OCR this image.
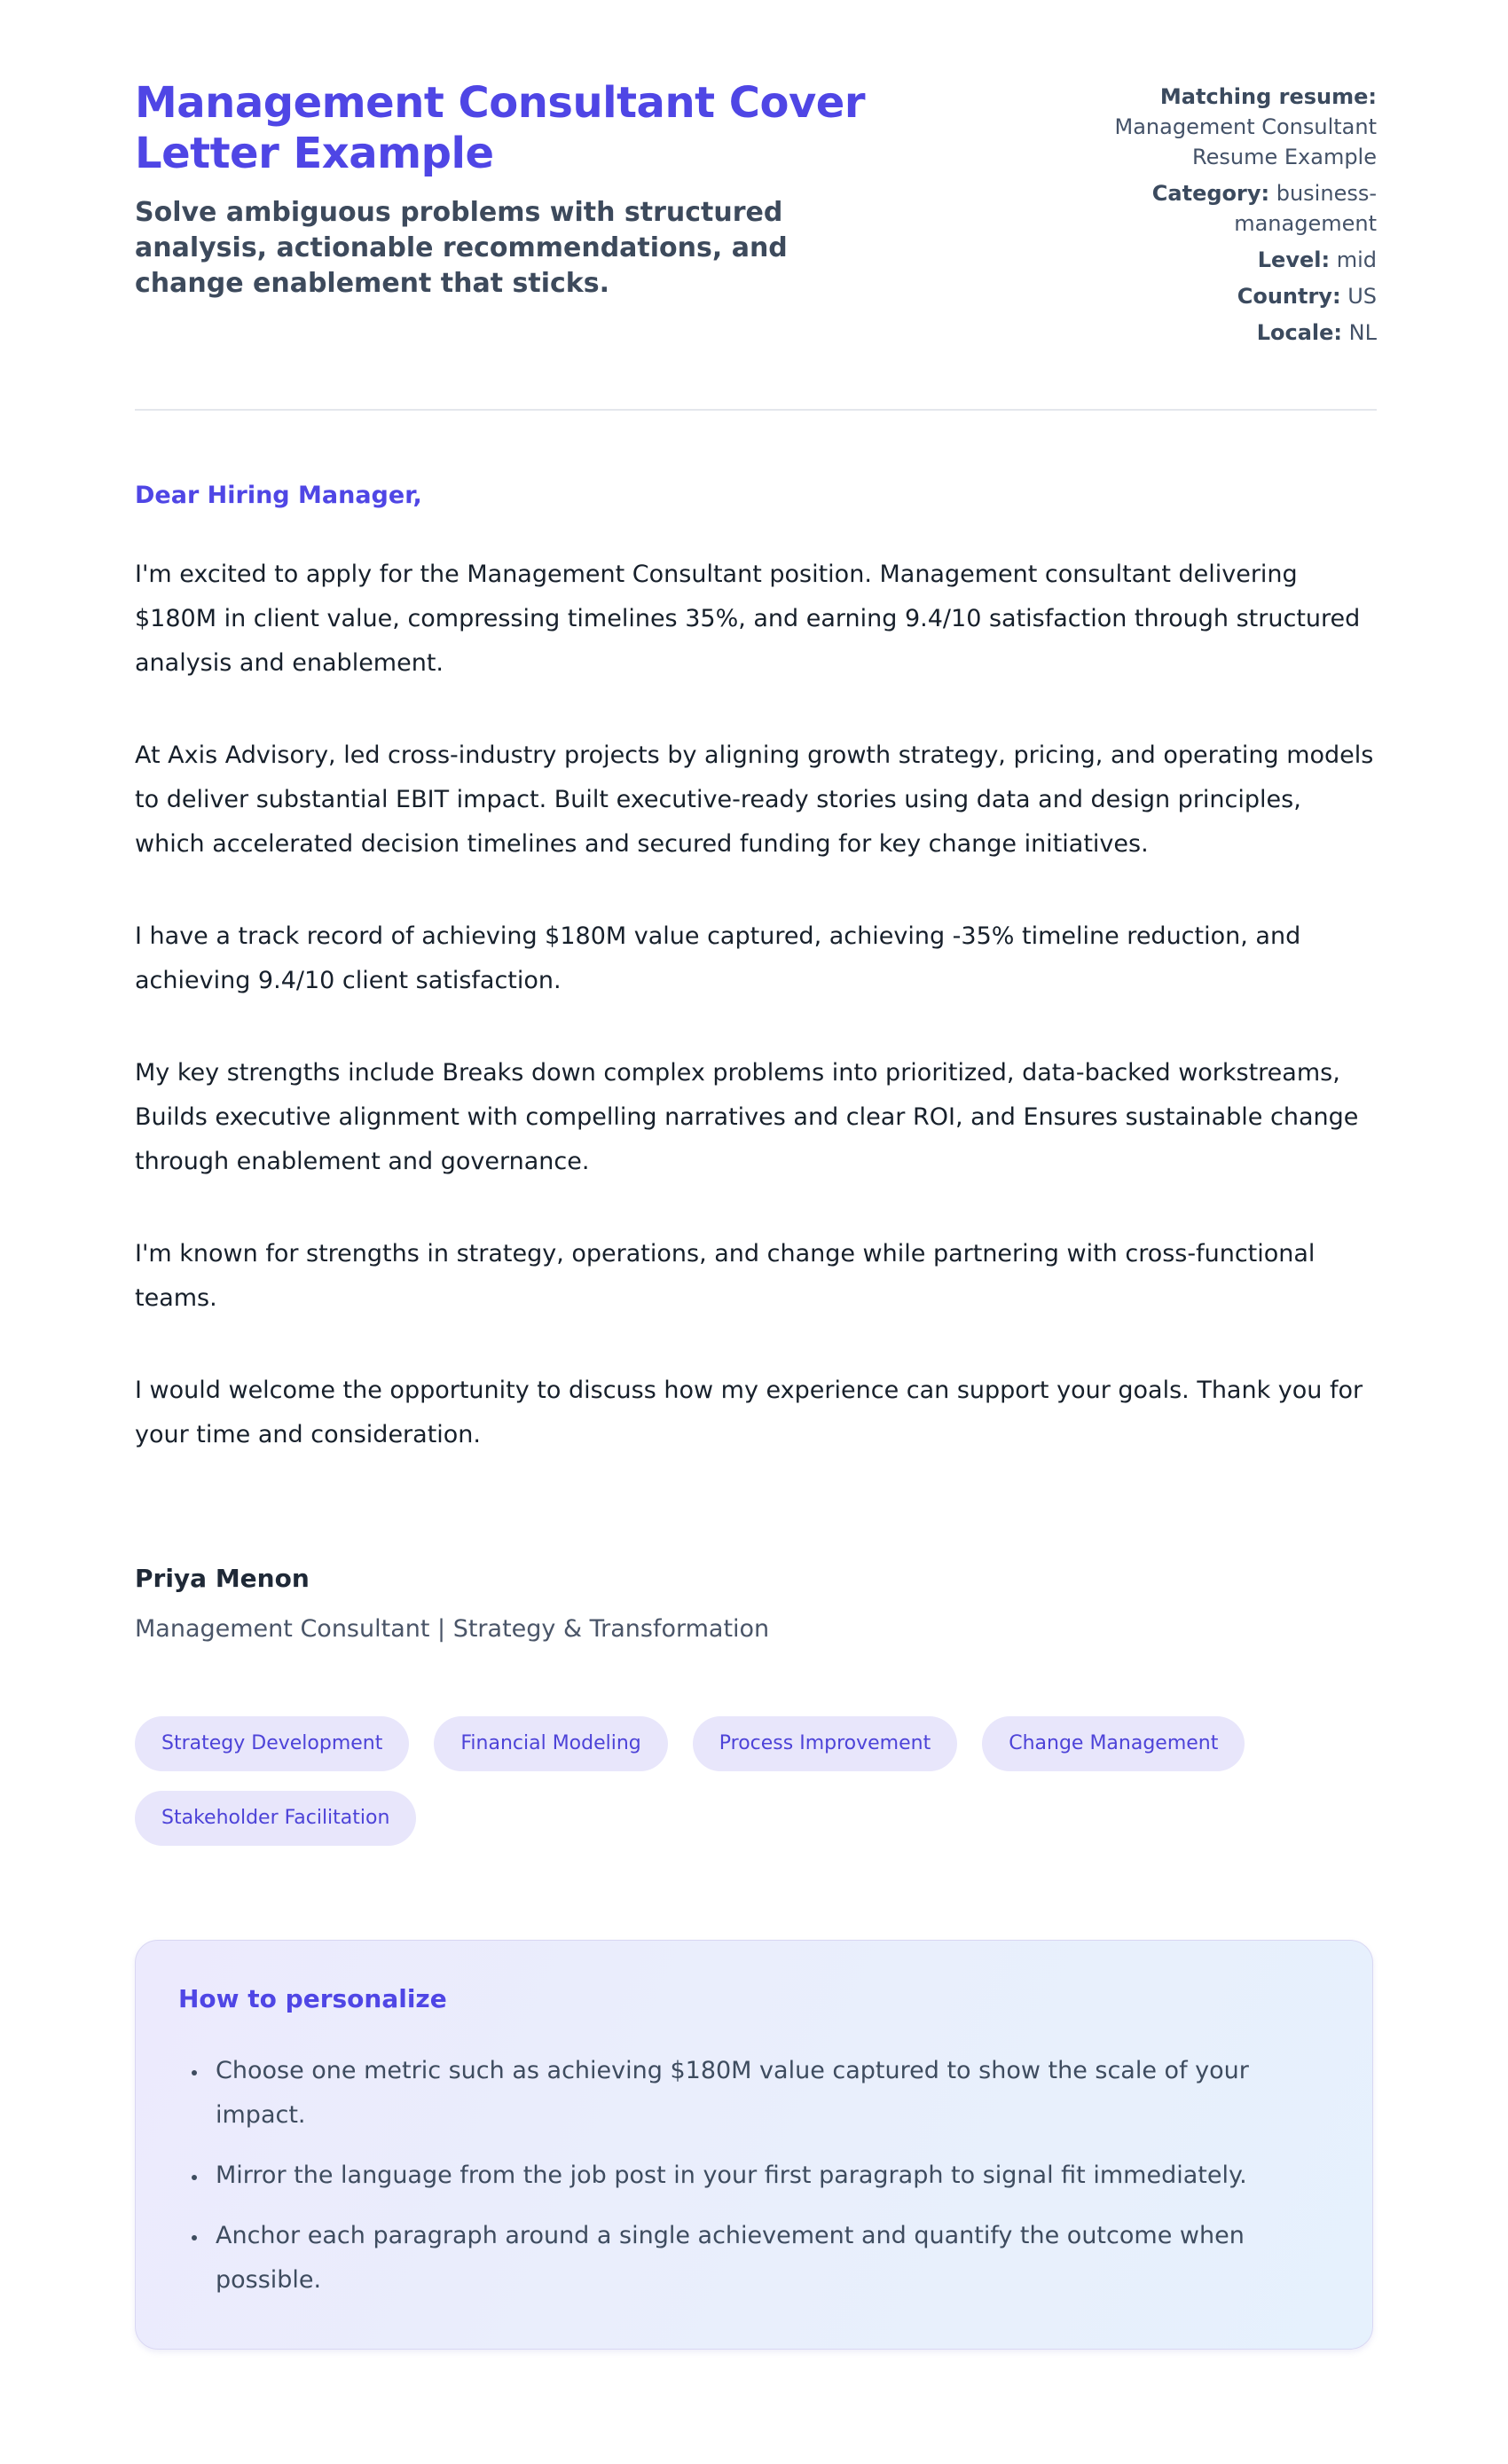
Management Consultant Cover Letter Example

Solve ambiguous problems with structured analysis, actionable recommendations, and change enablement that sticks.

Matching resume: Management Consultant Resume Example

Category: business-management

Level: mid

Country: US

Locale: NL

Dear Hiring Manager,

I'm excited to apply for the Management Consultant position. Management consultant delivering $180M in client value, compressing timelines 35%, and earning 9.4/10 satisfaction through structured analysis and enablement.

At Axis Advisory, led cross-industry projects by aligning growth strategy, pricing, and operating models to deliver substantial EBIT impact. Built executive-ready stories using data and design principles, which accelerated decision timelines and secured funding for key change initiatives.

I have a track record of achieving $180M value captured, achieving -35% timeline reduction, and achieving 9.4/10 client satisfaction.

My key strengths include Breaks down complex problems into prioritized, data-backed workstreams, Builds executive alignment with compelling narratives and clear ROI, and Ensures sustainable change through enablement and governance.

I'm known for strengths in strategy, operations, and change while partnering with cross-functional teams.

I would welcome the opportunity to discuss how my experience can support your goals. Thank you for your time and consideration.

Priya Menon

Management Consultant | Strategy & Transformation

Strategy Development	Financial Modeling	Process Improvement	Change Management
Stakeholder Facilitation
How to personalize
• Choose one metric such as achieving $180M value captured to show the scale of your impact.
• Mirror the language from the job post in your first paragraph to signal fit immediately.
• Anchor each paragraph around a single achievement and quantify the outcome when possible.
